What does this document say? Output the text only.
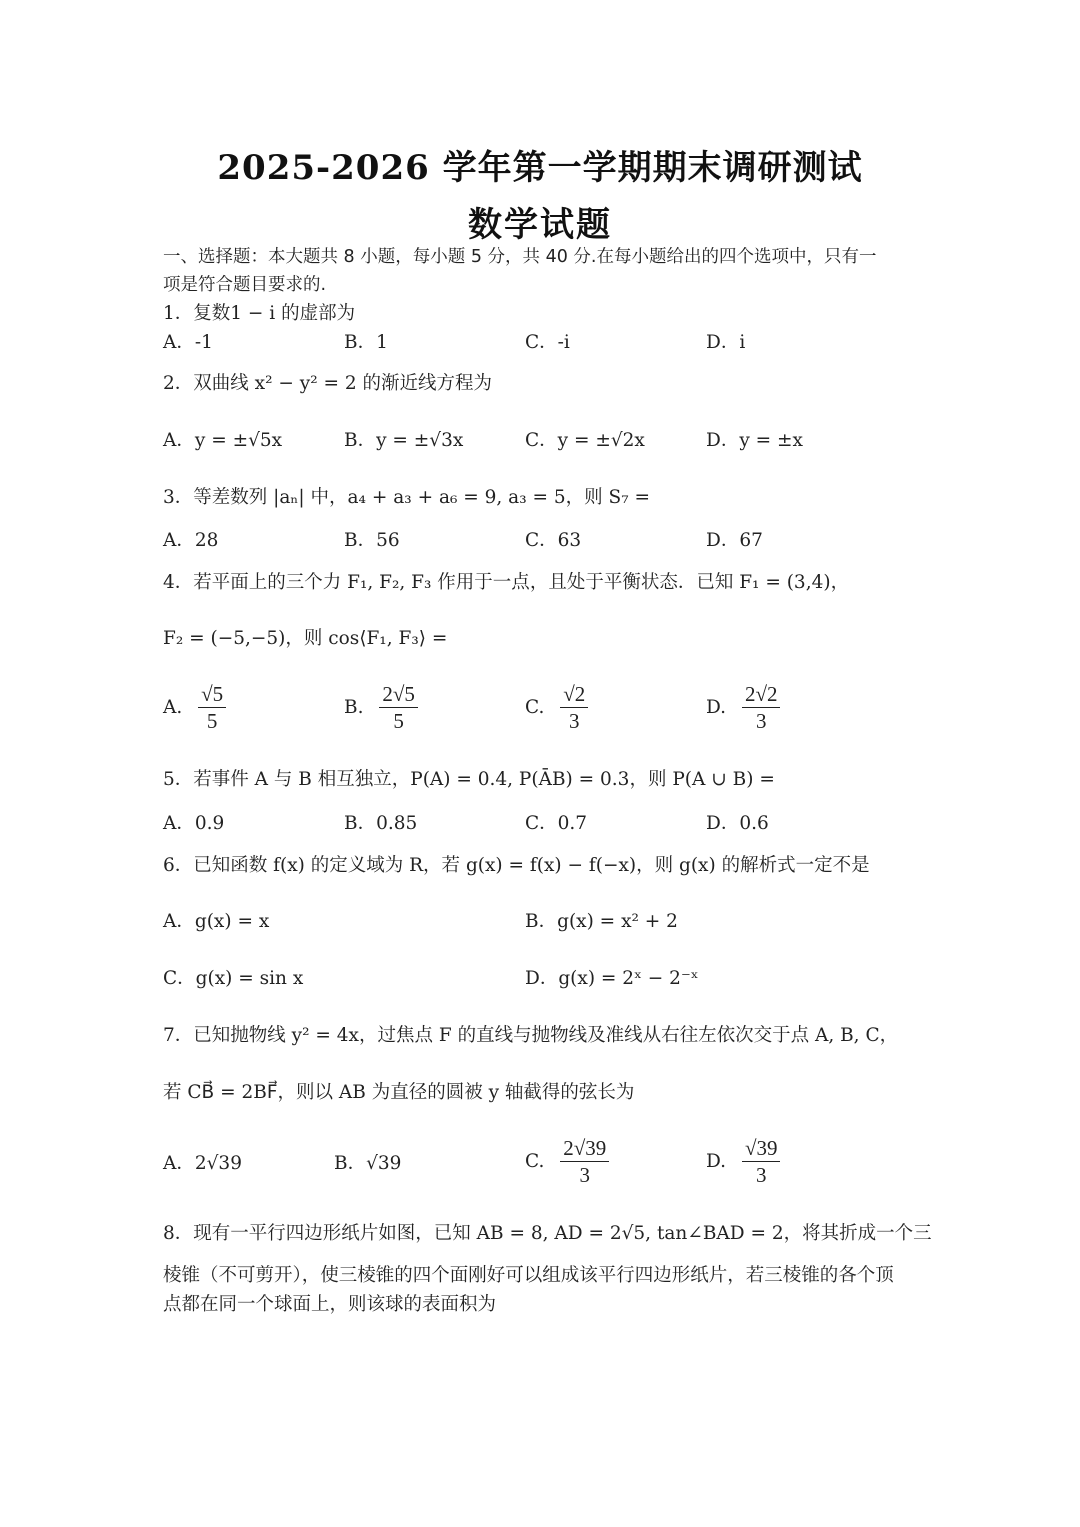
2025-2026 学年第一学期期末调研测试
数学试题
一、选择题：本大题共 8 小题，每小题 5 分，共 40 分.在每小题给出的四个选项中，只有一
项是符合题目要求的.
1．复数1 − i 的虚部为
A．-1	B．1	C．-i	D．i
2．双曲线 x² − y² = 2 的渐近线方程为
A．y = ±√5x	B．y = ±√3x	C．y = ±√2x	D．y = ±x
3．等差数列 |aₙ| 中，a₄ + a₃ + a₆ = 9, a₃ = 5，则 S₇ =
A．28	B．56	C．63	D．67
4．若平面上的三个力 F₁, F₂, F₃ 作用于一点，且处于平衡状态．已知 F₁ = (3,4)，
F₂ = (−5,−5)，则 cos⟨F₁, F₃⟩ =
A. $\frac{√5}{5}$	B. $\frac{2√5}{5}$	C. $\frac{√2}{3}$	D. $\frac{2√2}{3}$
5．若事件 A 与 B 相互独立，P(A) = 0.4, P(ĀB) = 0.3，则 P(A ∪ B) =
A．0.9	B．0.85	C．0.7	D．0.6
6．已知函数 f(x) 的定义域为 R，若 g(x) = f(x) − f(−x)，则 g(x) 的解析式一定不是
A．g(x) = x	B．g(x) = x² + 2
C．g(x) = sin x	D．g(x) = 2ˣ − 2⁻ˣ
7．已知抛物线 y² = 4x，过焦点 F 的直线与抛物线及准线从右往左依次交于点 A, B, C，
若 CB⃗ = 2BF⃗，则以 AB 为直径的圆被 y 轴截得的弦长为
A．2√39	B．√39	C. $\frac{2√39}{3}$	D. $\frac{√39}{3}$
8．现有一平行四边形纸片如图，已知 AB = 8, AD = 2√5, tan∠BAD = 2，将其折成一个三
棱锥（不可剪开），使三棱锥的四个面刚好可以组成该平行四边形纸片，若三棱锥的各个顶
点都在同一个球面上，则该球的表面积为
